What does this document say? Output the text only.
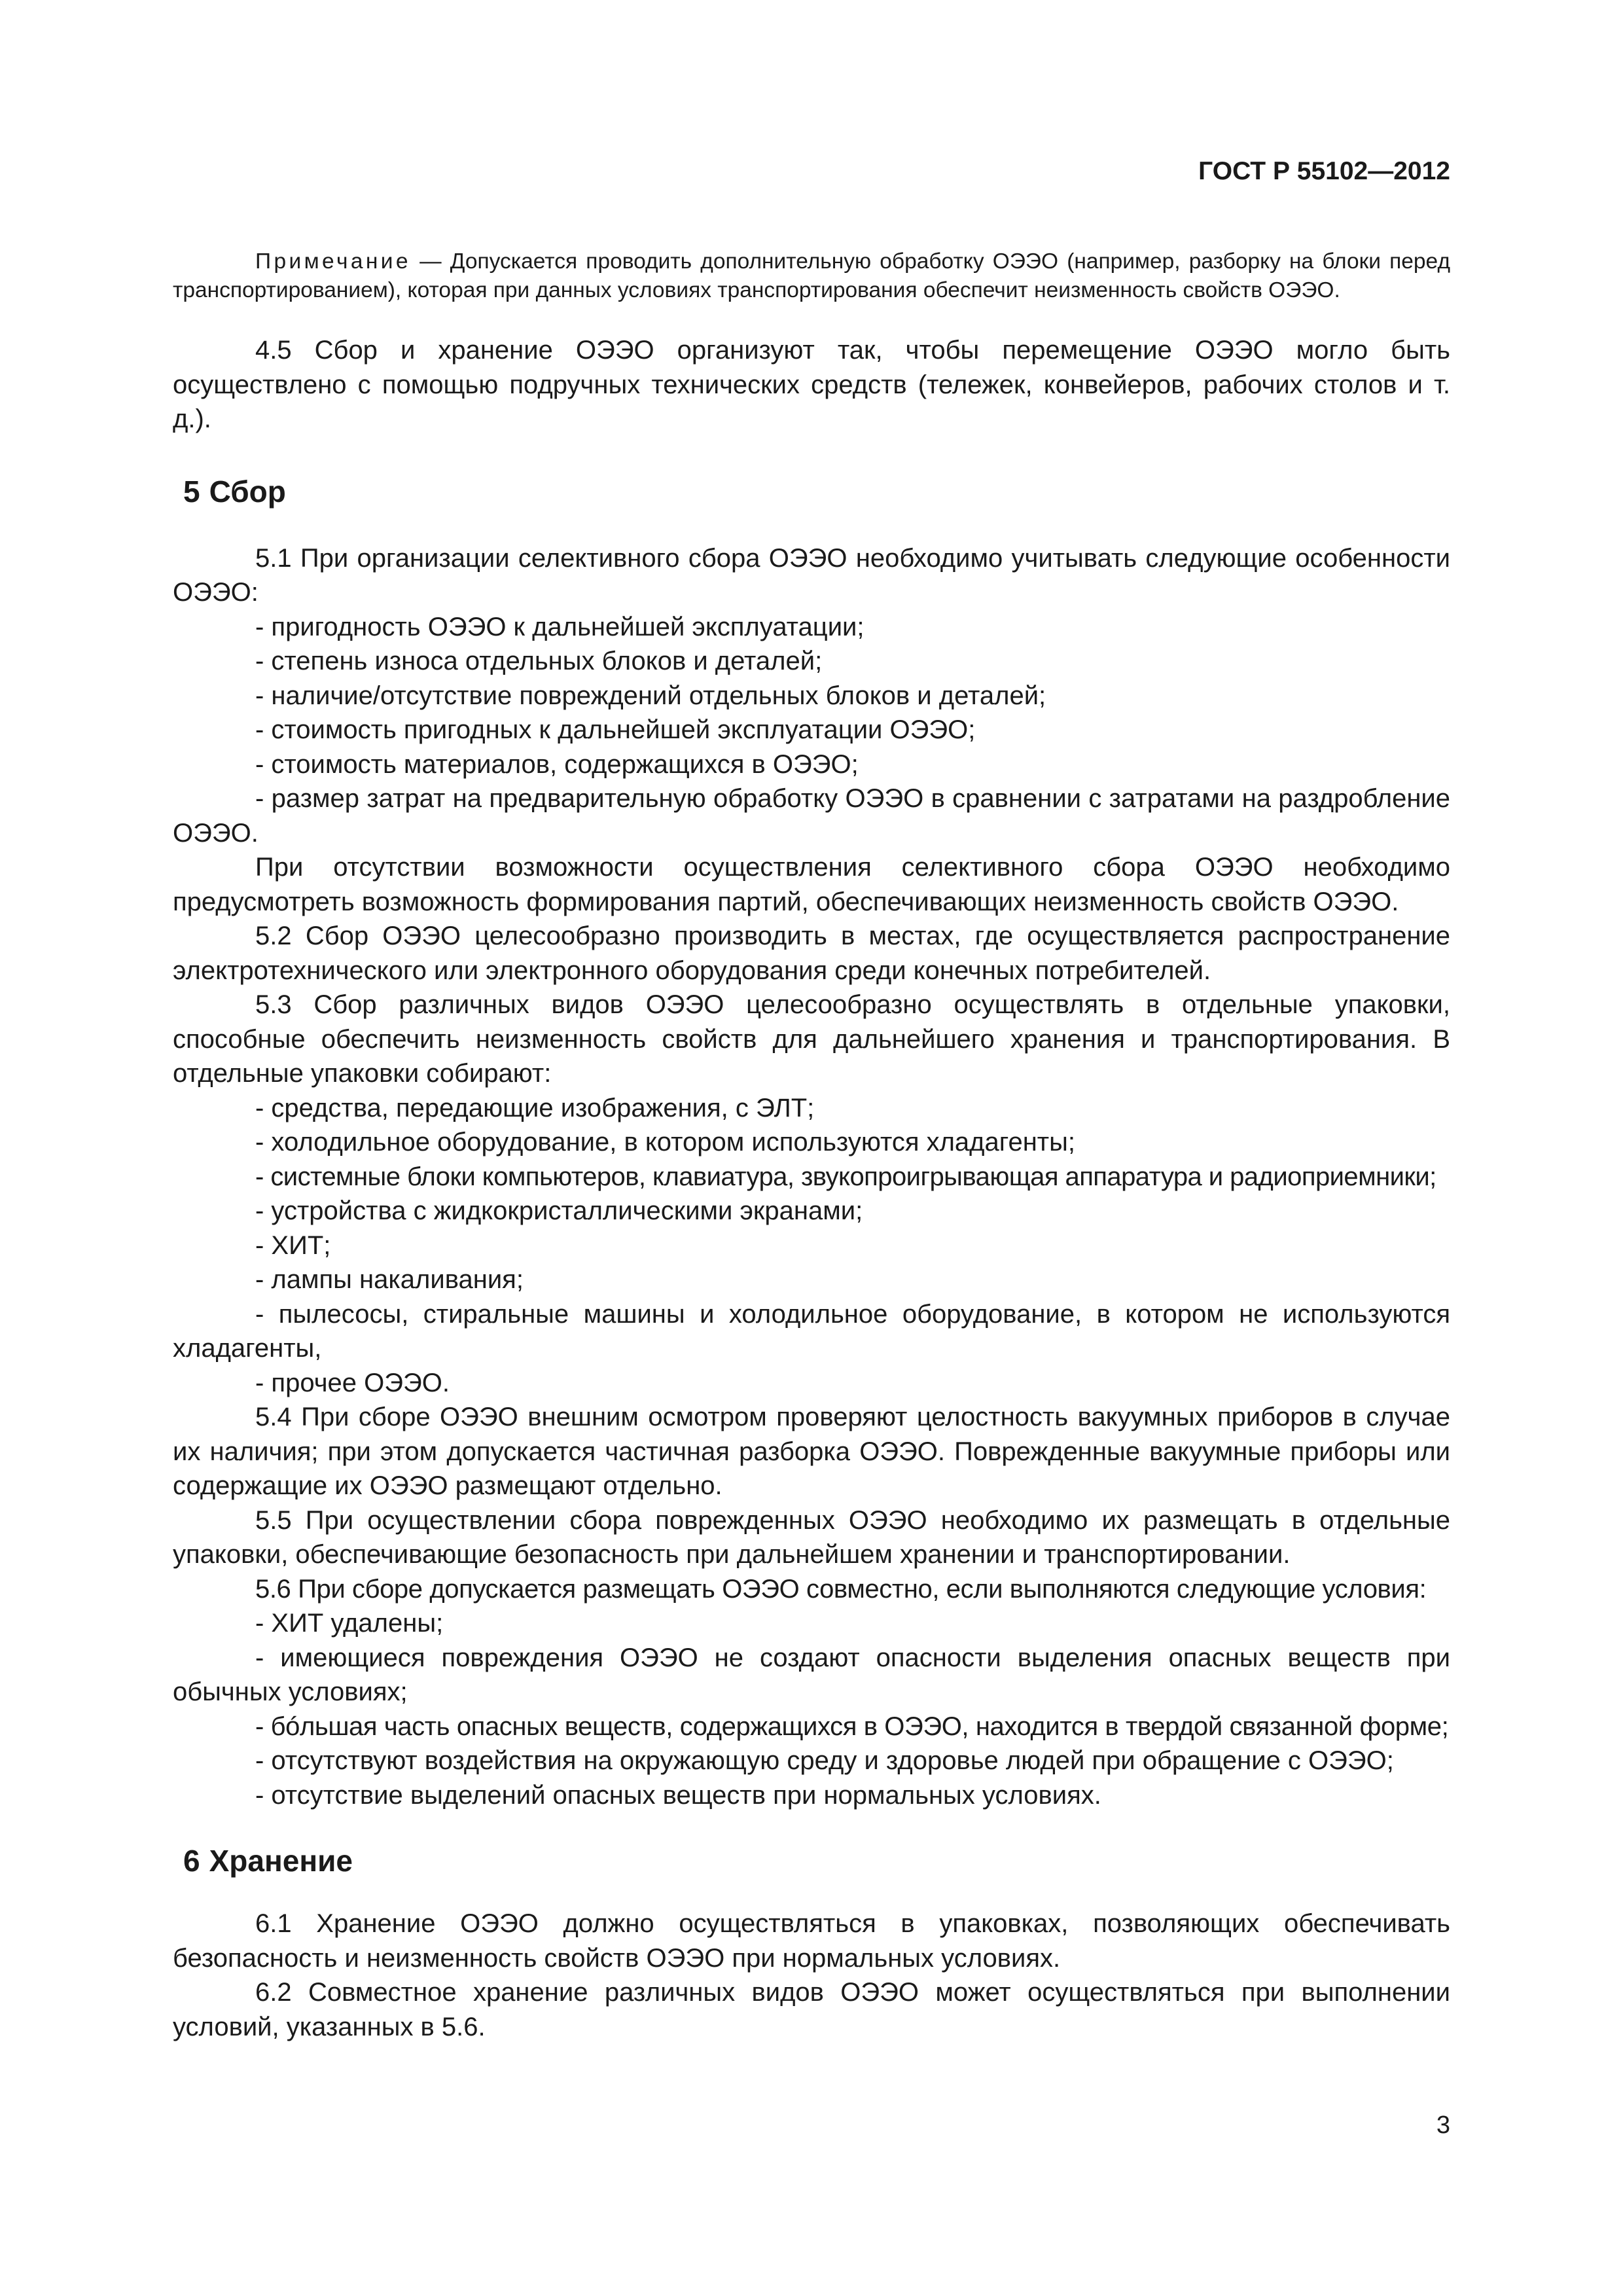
ГОСТ Р 55102—2012

Примечание — Допускается проводить дополнительную обработку ОЭЭО (например, разборку на блоки перед транспортированием), которая при данных условиях транспортирования обеспечит неизменность свойств ОЭЭО.

4.5 Сбор и хранение ОЭЭО организуют так, чтобы перемещение ОЭЭО могло быть осуществлено с помощью подручных технических средств (тележек, конвейеров, рабочих столов и т. д.).

5 Сбор

5.1 При организации селективного сбора ОЭЭО необходимо учитывать следующие особенности ОЭЭО:

- пригодность ОЭЭО к дальнейшей эксплуатации;

- степень износа отдельных блоков и деталей;

- наличие/отсутствие повреждений отдельных блоков и деталей;

- стоимость пригодных к дальнейшей эксплуатации ОЭЭО;

- стоимость материалов, содержащихся в ОЭЭО;

- размер затрат на предварительную обработку ОЭЭО в сравнении с затратами на раздробление ОЭЭО.

При отсутствии возможности осуществления селективного сбора ОЭЭО необходимо предусмотреть возможность формирования партий, обеспечивающих неизменность свойств ОЭЭО.

5.2 Сбор ОЭЭО целесообразно производить в местах, где осуществляется распространение электротехнического или электронного оборудования среди конечных потребителей.

5.3 Сбор различных видов ОЭЭО целесообразно осуществлять в отдельные упаковки, способные обеспечить неизменность свойств для дальнейшего хранения и транспортирования. В отдельные упаковки собирают:

- средства, передающие изображения, с ЭЛТ;

- холодильное оборудование, в котором используются хладагенты;

- системные блоки компьютеров, клавиатура, звукопроигрывающая аппаратура и радиоприемники;

- устройства с жидкокристаллическими экранами;

- ХИТ;

- лампы накаливания;

- пылесосы, стиральные машины и холодильное оборудование, в котором не используются хладагенты,

- прочее ОЭЭО.

5.4 При сборе ОЭЭО внешним осмотром проверяют целостность вакуумных приборов в случае их наличия; при этом допускается частичная разборка ОЭЭО. Поврежденные вакуумные приборы или содержащие их ОЭЭО размещают отдельно.

5.5 При осуществлении сбора поврежденных ОЭЭО необходимо их размещать в отдельные упаковки, обеспечивающие безопасность при дальнейшем хранении и транспортировании.

5.6 При сборе допускается размещать ОЭЭО совместно, если выполняются следующие условия:

- ХИТ удалены;

- имеющиеся повреждения ОЭЭО не создают опасности выделения опасных веществ при обычных условиях;

- бóльшая часть опасных веществ, содержащихся в ОЭЭО, находится в твердой связанной форме;

- отсутствуют воздействия на окружающую среду и здоровье людей при обращение с ОЭЭО;

- отсутствие выделений опасных веществ при нормальных условиях.

6 Хранение

6.1 Хранение ОЭЭО должно осуществляться в упаковках, позволяющих обеспечивать безопасность и неизменность свойств ОЭЭО при нормальных условиях.

6.2 Совместное хранение различных видов ОЭЭО может осуществляться при выполнении условий, указанных в 5.6.

3
